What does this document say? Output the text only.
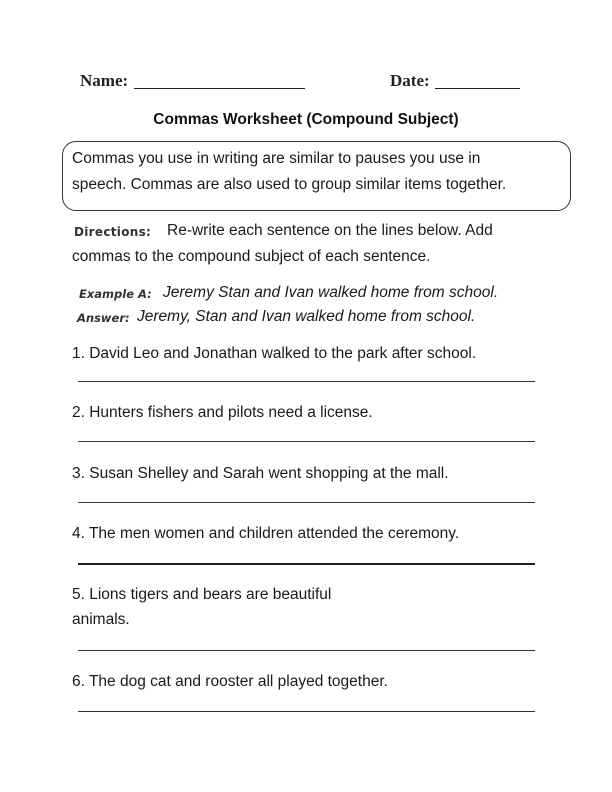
Name:	Date:
Commas Worksheet (Compound Subject)
Commas you use in writing are similar to pauses you use in
speech. Commas are also used to group similar items together.
Directions: Re-write each sentence on the lines below. Add
commas to the compound subject of each sentence.
Example A: Jeremy Stan and Ivan walked home from school.
Answer: Jeremy, Stan and Ivan walked home from school.
1. David Leo and Jonathan walked to the park after school.
2. Hunters fishers and pilots need a license.
3. Susan Shelley and Sarah went shopping at the mall.
4. The men women and children attended the ceremony.
5. Lions tigers and bears are beautiful
animals.
6. The dog cat and rooster all played together.
